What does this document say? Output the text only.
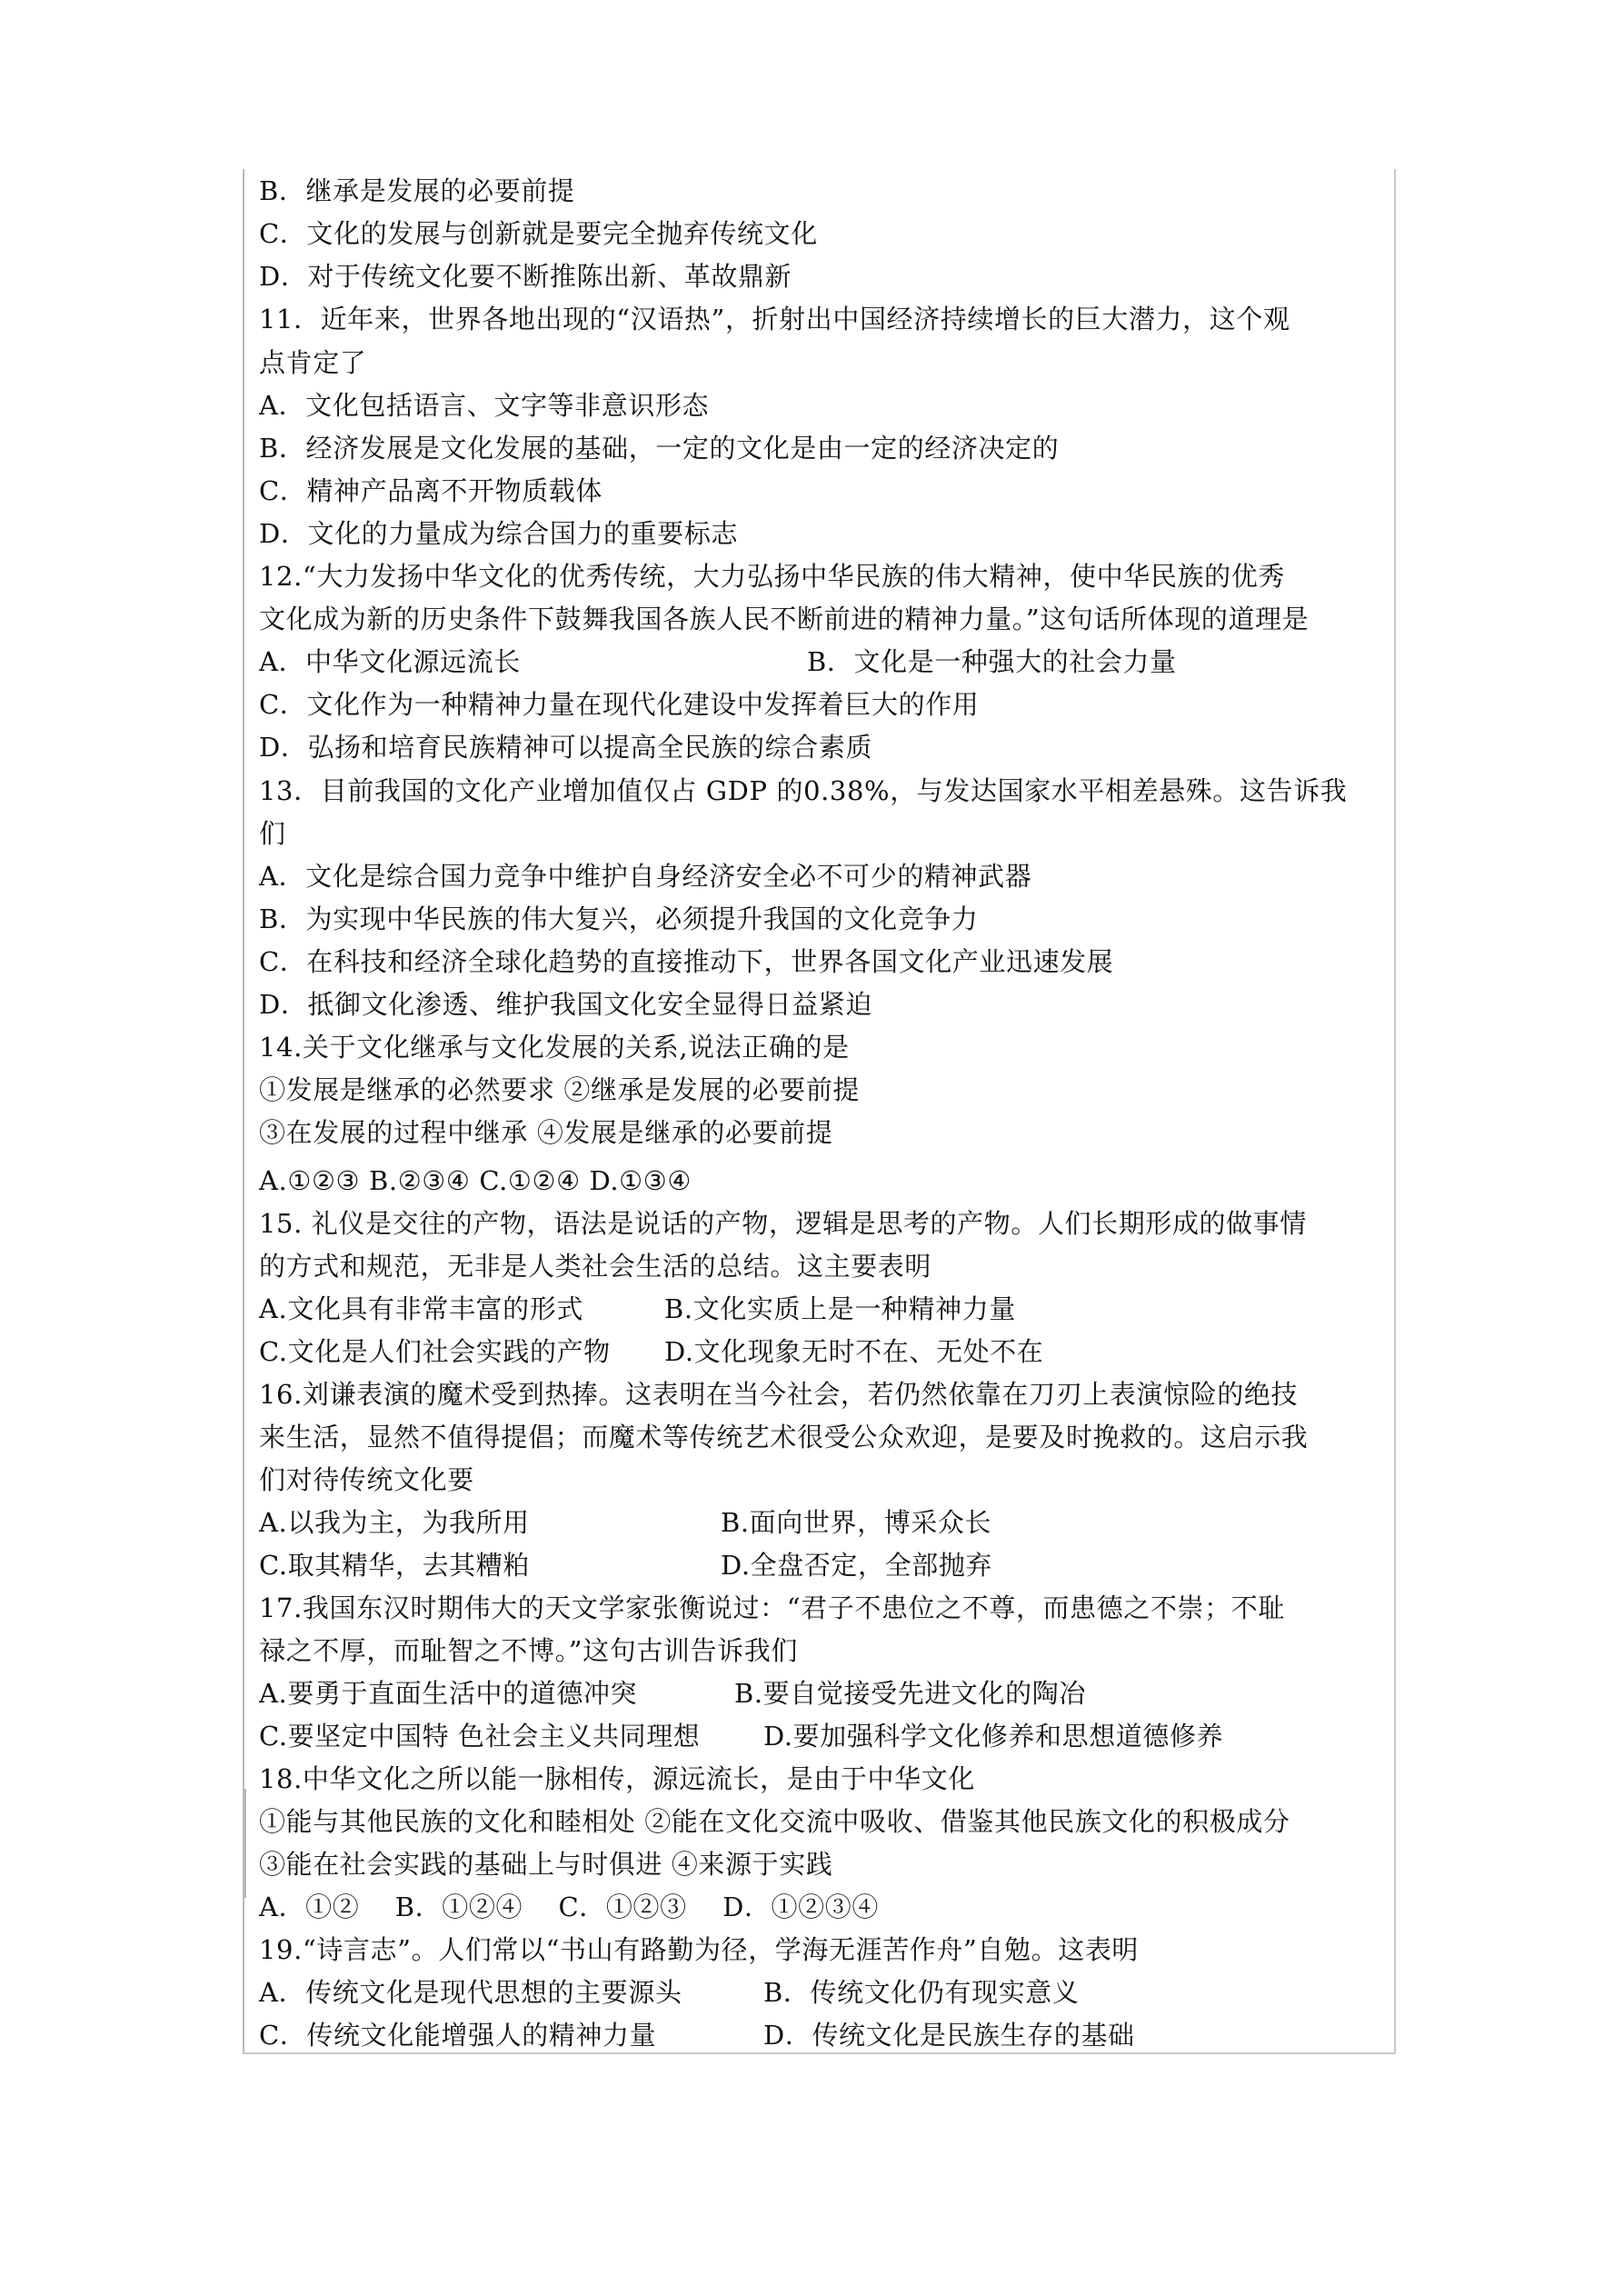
B．继承是发展的必要前提
C．文化的发展与创新就是要完全抛弃传统文化
D．对于传统文化要不断推陈出新、革故鼎新
11．近年来，世界各地出现的“汉语热”，折射出中国经济持续增长的巨大潜力，这个观
点肯定了
A．文化包括语言、文字等非意识形态
B．经济发展是文化发展的基础，一定的文化是由一定的经济决定的
C．精神产品离不开物质载体
D．文化的力量成为综合国力的重要标志
12.“大力发扬中华文化的优秀传统，大力弘扬中华民族的伟大精神，使中华民族的优秀
文化成为新的历史条件下鼓舞我国各族人民不断前进的精神力量。”这句话所体现的道理是
A．中华文化源远流长	B．文化是一种强大的社会力量
C．文化作为一种精神力量在现代化建设中发挥着巨大的作用
D．弘扬和培育民族精神可以提高全民族的综合素质
13．目前我国的文化产业增加值仅占 GDP 的0.38%，与发达国家水平相差悬殊。这告诉我
们
A．文化是综合国力竞争中维护自身经济安全必不可少的精神武器
B．为实现中华民族的伟大复兴，必须提升我国的文化竞争力
C．在科技和经济全球化趋势的直接推动下，世界各国文化产业迅速发展
D．抵御文化渗透、维护我国文化安全显得日益紧迫
14.关于文化继承与文化发展的关系,说法正确的是
①发展是继承的必然要求 ②继承是发展的必要前提
③在发展的过程中继承 ④发展是继承的必要前提
A.①②③ B.②③④ C.①②④ D.①③④
15. 礼仪是交往的产物，语法是说话的产物，逻辑是思考的产物。人们长期形成的做事情
的方式和规范，无非是人类社会生活的总结。这主要表明
A.文化具有非常丰富的形式	B.文化实质上是一种精神力量
C.文化是人们社会实践的产物 D.文化现象无时不在、无处不在
16.刘谦表演的魔术受到热捧。这表明在当今社会，若仍然依靠在刀刃上表演惊险的绝技
来生活，显然不值得提倡；而魔术等传统艺术很受公众欢迎，是要及时挽救的。这启示我
们对待传统文化要
A.以我为主，为我所用	B.面向世界，博采众长
C.取其精华，去其糟粕	D.全盘否定，全部抛弃
17.我国东汉时期伟大的天文学家张衡说过：“君子不患位之不尊，而患德之不崇；不耻
禄之不厚，而耻智之不博。”这句古训告诉我们
A.要勇于直面生活中的道德冲突	B.要自觉接受先进文化的陶冶
C.要坚定中国特 色社会主义共同理想 D.要加强科学文化修养和思想道德修养
18.中华文化之所以能一脉相传，源远流长，是由于中华文化
①能与其他民族的文化和睦相处 ②能在文化交流中吸收、借鉴其他民族文化的积极成分
③能在社会实践的基础上与时俱进 ④来源于实践
A．①②　 B．①②④　 C．①②③　 D．①②③④
19.“诗言志”。人们常以“书山有路勤为径，学海无涯苦作舟”自勉。这表明
A．传统文化是现代思想的主要源头	B．传统文化仍有现实意义
C．传统文化能增强人的精神力量	D．传统文化是民族生存的基础
